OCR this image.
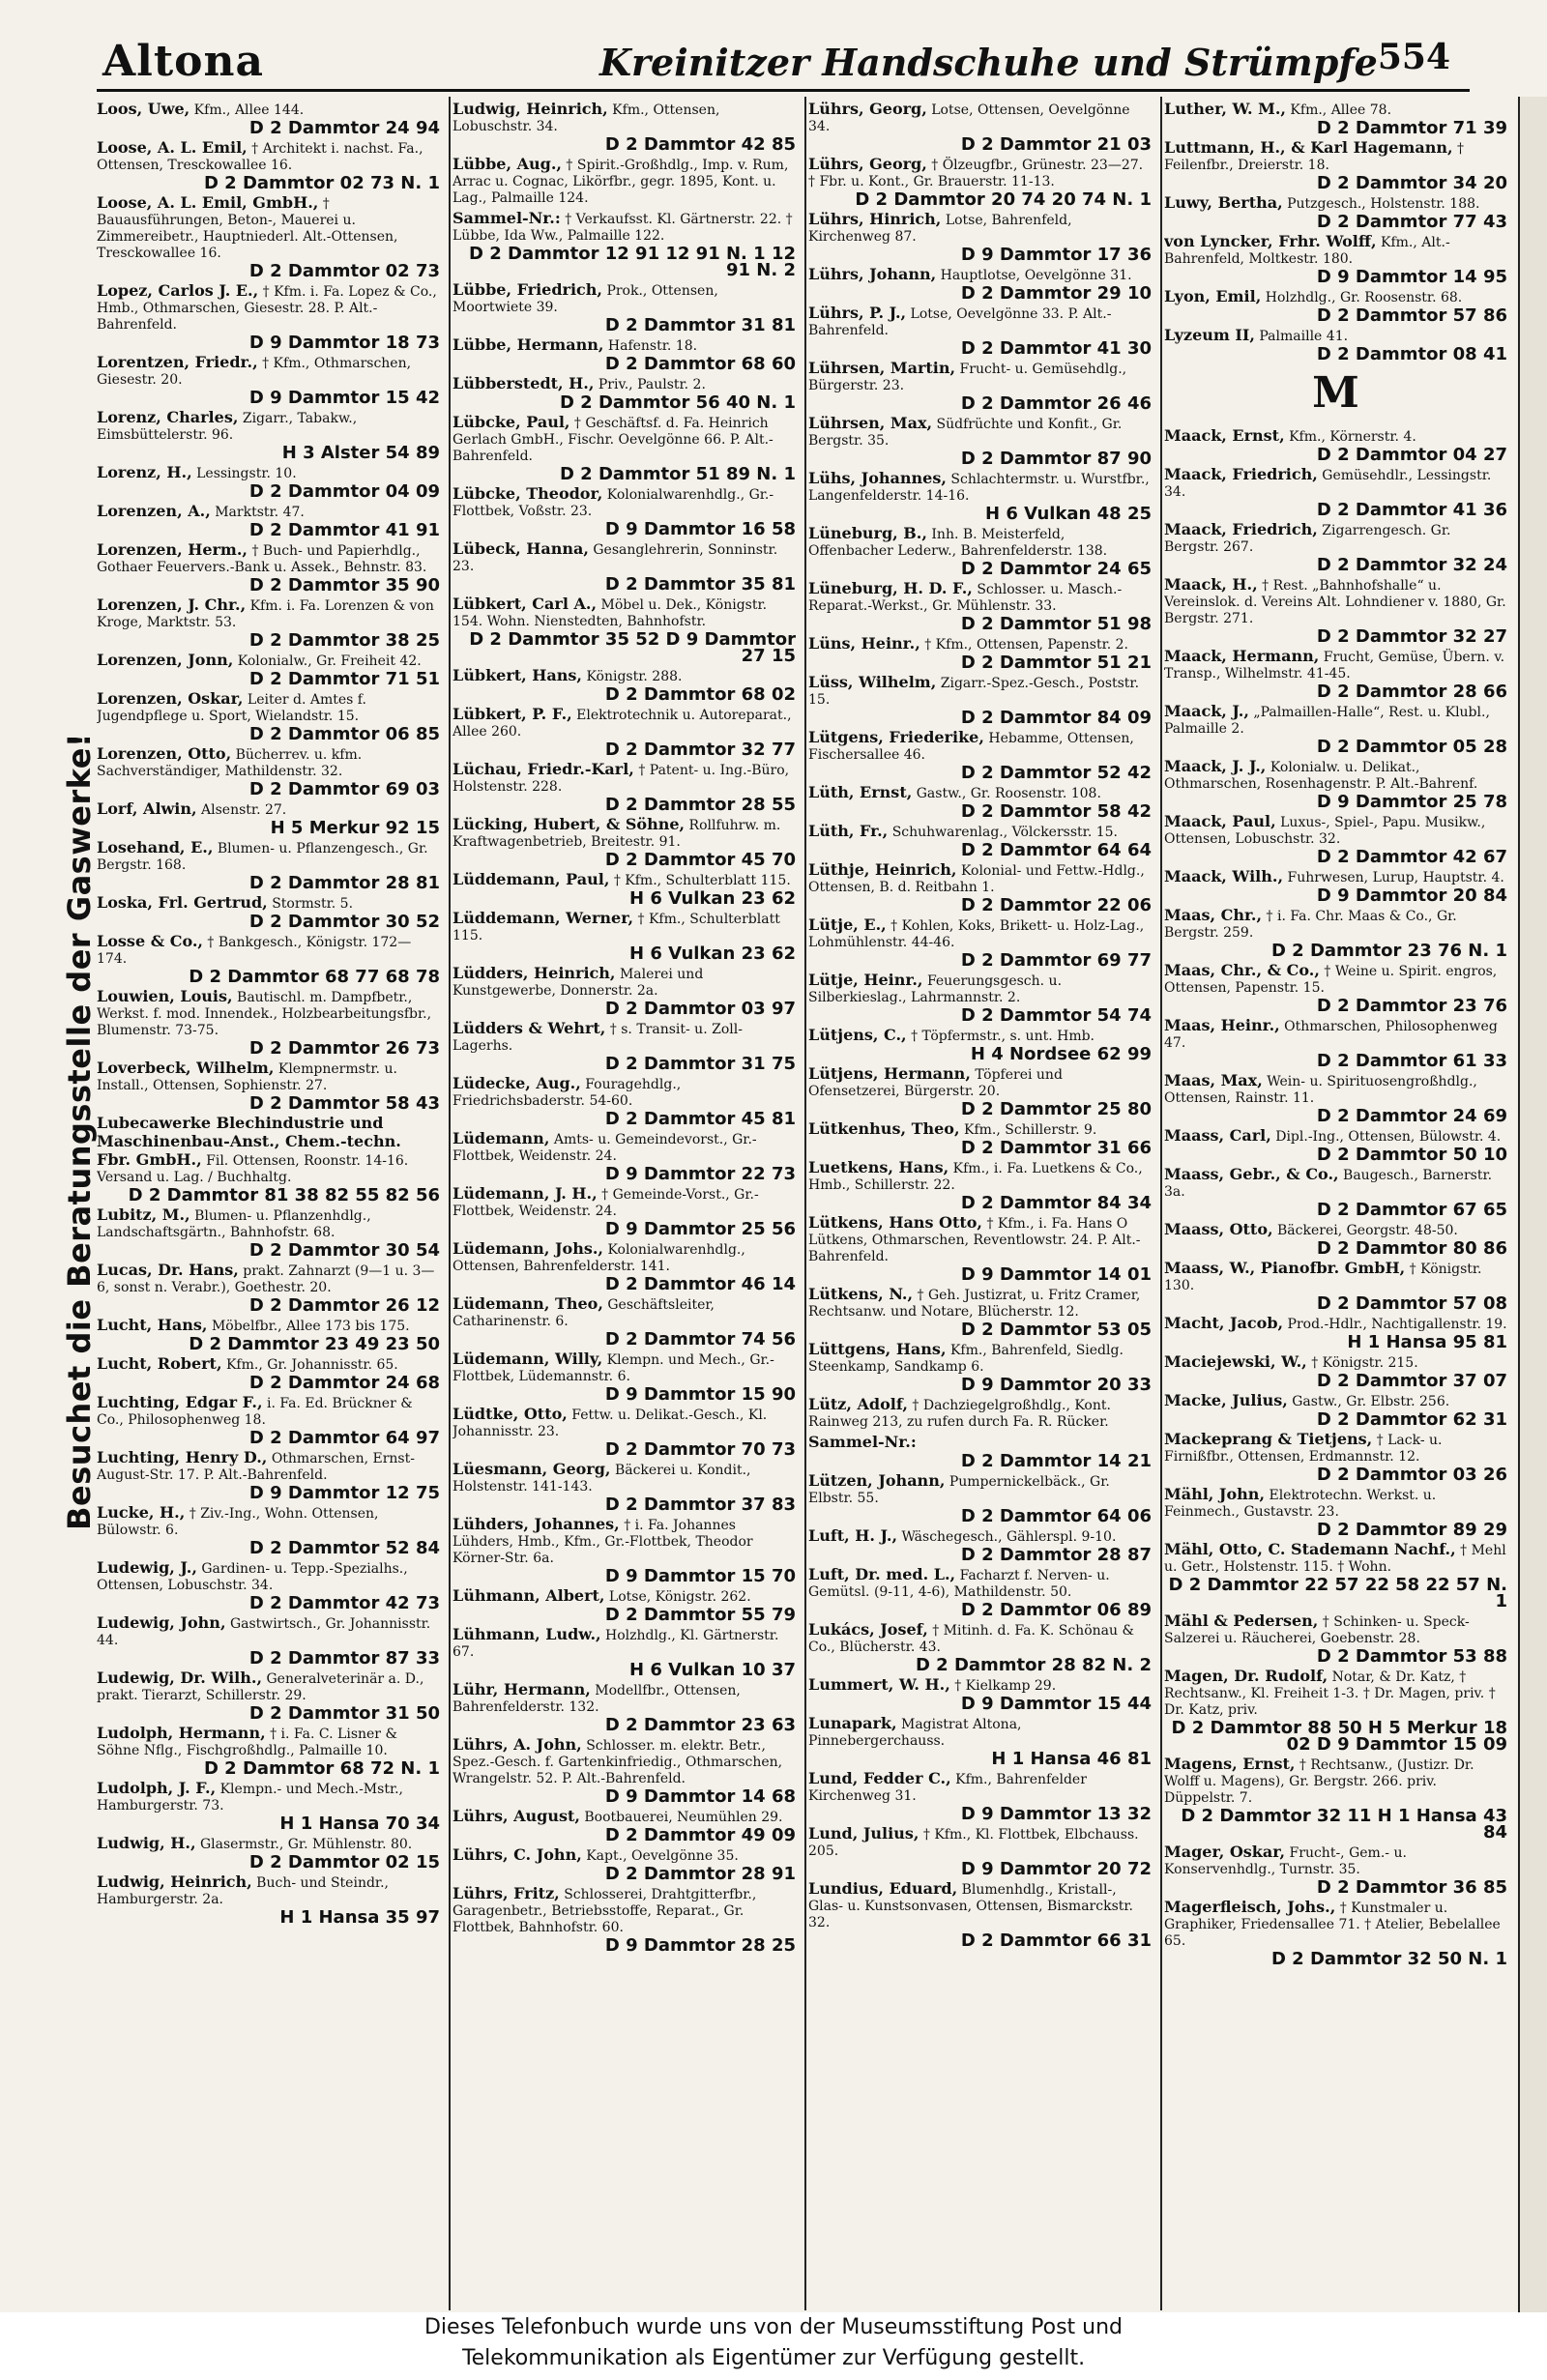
Altona	Kreinitzer Handschuhe und Strümpfe 554
Besuchet die Beratungsstelle der Gaswerke!
Loos, Uwe, Kfm., Allee 144.
D 2 Dammtor 24 94
Loose, A. L. Emil, † Architekt i. nachst. Fa., Ottensen, Tresckowallee 16.
D 2 Dammtor 02 73 N. 1
Loose, A. L. Emil, GmbH., † Bauausführungen, Beton-, Mauerei u. Zimmereibetr., Hauptniederl. Alt.-Ottensen, Tresckowallee 16.
D 2 Dammtor 02 73
Lopez, Carlos J. E., † Kfm. i. Fa. Lopez & Co., Hmb., Othmarschen, Giesestr. 28. P. Alt.-Bahrenfeld.
D 9 Dammtor 18 73
Lorentzen, Friedr., † Kfm., Othmarschen, Giesestr. 20.
D 9 Dammtor 15 42
Lorenz, Charles, Zigarr., Tabakw., Eimsbüttelerstr. 96.
H 3 Alster 54 89
Lorenz, H., Lessingstr. 10.
D 2 Dammtor 04 09
Lorenzen, A., Marktstr. 47.
D 2 Dammtor 41 91
Lorenzen, Herm., † Buch- und Papierhdlg., Gothaer Feuervers.-Bank u. Assek., Behnstr. 83.
D 2 Dammtor 35 90
Lorenzen, J. Chr., Kfm. i. Fa. Lorenzen & von Kroge, Marktstr. 53.
D 2 Dammtor 38 25
Lorenzen, Jonn, Kolonialw., Gr. Freiheit 42.
D 2 Dammtor 71 51
Lorenzen, Oskar, Leiter d. Amtes f. Jugendpflege u. Sport, Wielandstr. 15.
D 2 Dammtor 06 85
Lorenzen, Otto, Bücherrev. u. kfm. Sachverständiger, Mathildenstr. 32.
D 2 Dammtor 69 03
Lorf, Alwin, Alsenstr. 27.
H 5 Merkur 92 15
Losehand, E., Blumen- u. Pflanzengesch., Gr. Bergstr. 168.
D 2 Dammtor 28 81
Loska, Frl. Gertrud, Stormstr. 5.
D 2 Dammtor 30 52
Losse & Co., † Bankgesch., Königstr. 172—174.
D 2 Dammtor 68 77 68 78
Louwien, Louis, Bautischl. m. Dampfbetr., Werkst. f. mod. Innendek., Holzbearbeitungsfbr., Blumenstr. 73-75.
D 2 Dammtor 26 73
Loverbeck, Wilhelm, Klempnermstr. u. Install., Ottensen, Sophienstr. 27.
D 2 Dammtor 58 43
Lubecawerke Blechindustrie und Maschinenbau-Anst., Chem.-techn. Fbr. GmbH., Fil. Ottensen, Roonstr. 14-16. Versand u. Lag. / Buchhaltg.
D 2 Dammtor 81 38 82 55 82 56
Lubitz, M., Blumen- u. Pflanzenhdlg., Landschaftsgärtn., Bahnhofstr. 68.
D 2 Dammtor 30 54
Lucas, Dr. Hans, prakt. Zahnarzt (9—1 u. 3—6, sonst n. Verabr.), Goethestr. 20.
D 2 Dammtor 26 12
Lucht, Hans, Möbelfbr., Allee 173 bis 175.
D 2 Dammtor 23 49 23 50
Lucht, Robert, Kfm., Gr. Johannisstr. 65.
D 2 Dammtor 24 68
Luchting, Edgar F., i. Fa. Ed. Brückner & Co., Philosophenweg 18.
D 2 Dammtor 64 97
Luchting, Henry D., Othmarschen, Ernst-August-Str. 17. P. Alt.-Bahrenfeld.
D 9 Dammtor 12 75
Lucke, H., † Ziv.-Ing., Wohn. Ottensen, Bülowstr. 6.
D 2 Dammtor 52 84
Ludewig, J., Gardinen- u. Tepp.-Spezialhs., Ottensen, Lobuschstr. 34.
D 2 Dammtor 42 73
Ludewig, John, Gastwirtsch., Gr. Johannisstr. 44.
D 2 Dammtor 87 33
Ludewig, Dr. Wilh., Generalveterinär a. D., prakt. Tierarzt, Schillerstr. 29.
D 2 Dammtor 31 50
Ludolph, Hermann, † i. Fa. C. Lisner & Söhne Nflg., Fischgroßhdlg., Palmaille 10.
D 2 Dammtor 68 72 N. 1
Ludolph, J. F., Klempn.- und Mech.-Mstr., Hamburgerstr. 73.
H 1 Hansa 70 34
Ludwig, H., Glasermstr., Gr. Mühlenstr. 80.
D 2 Dammtor 02 15
Ludwig, Heinrich, Buch- und Steindr., Hamburgerstr. 2a.
H 1 Hansa 35 97
Ludwig, Heinrich, Kfm., Ottensen, Lobuschstr. 34.
D 2 Dammtor 42 85
Lübbe, Aug., † Spirit.-Großhdlg., Imp. v. Rum, Arrac u. Cognac, Likörfbr., gegr. 1895, Kont. u. Lag., Palmaille 124.
Sammel-Nr.: † Verkaufsst. Kl. Gärtnerstr. 22. † Lübbe, Ida Ww., Palmaille 122.
D 2 Dammtor 12 91 12 91 N. 1 12 91 N. 2
Lübbe, Friedrich, Prok., Ottensen, Moortwiete 39.
D 2 Dammtor 31 81
Lübbe, Hermann, Hafenstr. 18.
D 2 Dammtor 68 60
Lübberstedt, H., Priv., Paulstr. 2.
D 2 Dammtor 56 40 N. 1
Lübcke, Paul, † Geschäftsf. d. Fa. Heinrich Gerlach GmbH., Fischr. Oevelgönne 66. P. Alt.-Bahrenfeld.
D 2 Dammtor 51 89 N. 1
Lübcke, Theodor, Kolonialwarenhdlg., Gr.-Flottbek, Voßstr. 23.
D 9 Dammtor 16 58
Lübeck, Hanna, Gesanglehrerin, Sonninstr. 23.
D 2 Dammtor 35 81
Lübkert, Carl A., Möbel u. Dek., Königstr. 154. Wohn. Nienstedten, Bahnhofstr.
D 2 Dammtor 35 52 D 9 Dammtor 27 15
Lübkert, Hans, Königstr. 288.
D 2 Dammtor 68 02
Lübkert, P. F., Elektrotechnik u. Autoreparat., Allee 260.
D 2 Dammtor 32 77
Lüchau, Friedr.-Karl, † Patent- u. Ing.-Büro, Holstenstr. 228.
D 2 Dammtor 28 55
Lücking, Hubert, & Söhne, Rollfuhrw. m. Kraftwagenbetrieb, Breitestr. 91.
D 2 Dammtor 45 70
Lüddemann, Paul, † Kfm., Schulterblatt 115.
H 6 Vulkan 23 62
Lüddemann, Werner, † Kfm., Schulterblatt 115.
H 6 Vulkan 23 62
Lüdders, Heinrich, Malerei und Kunstgewerbe, Donnerstr. 2a.
D 2 Dammtor 03 97
Lüdders & Wehrt, † s. Transit- u. Zoll-Lagerhs.
D 2 Dammtor 31 75
Lüdecke, Aug., Fouragehdlg., Friedrichsbaderstr. 54-60.
D 2 Dammtor 45 81
Lüdemann, Amts- u. Gemeindevorst., Gr.-Flottbek, Weidenstr. 24.
D 9 Dammtor 22 73
Lüdemann, J. H., † Gemeinde-Vorst., Gr.-Flottbek, Weidenstr. 24.
D 9 Dammtor 25 56
Lüdemann, Johs., Kolonialwarenhdlg., Ottensen, Bahrenfelderstr. 141.
D 2 Dammtor 46 14
Lüdemann, Theo, Geschäftsleiter, Catharinenstr. 6.
D 2 Dammtor 74 56
Lüdemann, Willy, Klempn. und Mech., Gr.-Flottbek, Lüdemannstr. 6.
D 9 Dammtor 15 90
Lüdtke, Otto, Fettw. u. Delikat.-Gesch., Kl. Johannisstr. 23.
D 2 Dammtor 70 73
Lüesmann, Georg, Bäckerei u. Kondit., Holstenstr. 141-143.
D 2 Dammtor 37 83
Lühders, Johannes, † i. Fa. Johannes Lühders, Hmb., Kfm., Gr.-Flottbek, Theodor Körner-Str. 6a.
D 9 Dammtor 15 70
Lühmann, Albert, Lotse, Königstr. 262.
D 2 Dammtor 55 79
Lühmann, Ludw., Holzhdlg., Kl. Gärtnerstr. 67.
H 6 Vulkan 10 37
Lühr, Hermann, Modellfbr., Ottensen, Bahrenfelderstr. 132.
D 2 Dammtor 23 63
Lührs, A. John, Schlosser. m. elektr. Betr., Spez.-Gesch. f. Gartenkinfriedig., Othmarschen, Wrangelstr. 52. P. Alt.-Bahrenfeld.
D 9 Dammtor 14 68
Lührs, August, Bootbauerei, Neumühlen 29.
D 2 Dammtor 49 09
Lührs, C. John, Kapt., Oevelgönne 35.
D 2 Dammtor 28 91
Lührs, Fritz, Schlosserei, Drahtgitterfbr., Garagenbetr., Betriebsstoffe, Reparat., Gr. Flottbek, Bahnhofstr. 60.
D 9 Dammtor 28 25
Lührs, Georg, Lotse, Ottensen, Oevelgönne 34.
D 2 Dammtor 21 03
Lührs, Georg, † Ölzeugfbr., Grünestr. 23—27. † Fbr. u. Kont., Gr. Brauerstr. 11-13.
D 2 Dammtor 20 74 20 74 N. 1
Lührs, Hinrich, Lotse, Bahrenfeld, Kirchenweg 87.
D 9 Dammtor 17 36
Lührs, Johann, Hauptlotse, Oevelgönne 31.
D 2 Dammtor 29 10
Lührs, P. J., Lotse, Oevelgönne 33. P. Alt.-Bahrenfeld.
D 2 Dammtor 41 30
Lührsen, Martin, Frucht- u. Gemüsehdlg., Bürgerstr. 23.
D 2 Dammtor 26 46
Lührsen, Max, Südfrüchte und Konfit., Gr. Bergstr. 35.
D 2 Dammtor 87 90
Lühs, Johannes, Schlachtermstr. u. Wurstfbr., Langenfelderstr. 14-16.
H 6 Vulkan 48 25
Lüneburg, B., Inh. B. Meisterfeld, Offenbacher Lederw., Bahrenfelderstr. 138.
D 2 Dammtor 24 65
Lüneburg, H. D. F., Schlosser. u. Masch.-Reparat.-Werkst., Gr. Mühlenstr. 33.
D 2 Dammtor 51 98
Lüns, Heinr., † Kfm., Ottensen, Papenstr. 2.
D 2 Dammtor 51 21
Lüss, Wilhelm, Zigarr.-Spez.-Gesch., Poststr. 15.
D 2 Dammtor 84 09
Lütgens, Friederike, Hebamme, Ottensen, Fischersallee 46.
D 2 Dammtor 52 42
Lüth, Ernst, Gastw., Gr. Roosenstr. 108.
D 2 Dammtor 58 42
Lüth, Fr., Schuhwarenlag., Völckersstr. 15.
D 2 Dammtor 64 64
Lüthje, Heinrich, Kolonial- und Fettw.-Hdlg., Ottensen, B. d. Reitbahn 1.
D 2 Dammtor 22 06
Lütje, E., † Kohlen, Koks, Brikett- u. Holz-Lag., Lohmühlenstr. 44-46.
D 2 Dammtor 69 77
Lütje, Heinr., Feuerungsgesch. u. Silberkieslag., Lahrmannstr. 2.
D 2 Dammtor 54 74
Lütjens, C., † Töpfermstr., s. unt. Hmb.
H 4 Nordsee 62 99
Lütjens, Hermann, Töpferei und Ofensetzerei, Bürgerstr. 20.
D 2 Dammtor 25 80
Lütkenhus, Theo, Kfm., Schillerstr. 9.
D 2 Dammtor 31 66
Luetkens, Hans, Kfm., i. Fa. Luetkens & Co., Hmb., Schillerstr. 22.
D 2 Dammtor 84 34
Lütkens, Hans Otto, † Kfm., i. Fa. Hans O Lütkens, Othmarschen, Reventlowstr. 24. P. Alt.-Bahrenfeld.
D 9 Dammtor 14 01
Lütkens, N., † Geh. Justizrat, u. Fritz Cramer, Rechtsanw. und Notare, Blücherstr. 12.
D 2 Dammtor 53 05
Lüttgens, Hans, Kfm., Bahrenfeld, Siedlg. Steenkamp, Sandkamp 6.
D 9 Dammtor 20 33
Lütz, Adolf, † Dachziegelgroßhdlg., Kont. Rainweg 213, zu rufen durch Fa. R. Rücker.
Sammel-Nr.:
D 2 Dammtor 14 21
Lützen, Johann, Pumpernickelbäck., Gr. Elbstr. 55.
D 2 Dammtor 64 06
Luft, H. J., Wäschegesch., Gählerspl. 9-10.
D 2 Dammtor 28 87
Luft, Dr. med. L., Facharzt f. Nerven- u. Gemütsl. (9-11, 4-6), Mathildenstr. 50.
D 2 Dammtor 06 89
Lukács, Josef, † Mitinh. d. Fa. K. Schönau & Co., Blücherstr. 43.
D 2 Dammtor 28 82 N. 2
Lummert, W. H., † Kielkamp 29.
D 9 Dammtor 15 44
Lunapark, Magistrat Altona, Pinnebergerchauss.
H 1 Hansa 46 81
Lund, Fedder C., Kfm., Bahrenfelder Kirchenweg 31.
D 9 Dammtor 13 32
Lund, Julius, † Kfm., Kl. Flottbek, Elbchauss. 205.
D 9 Dammtor 20 72
Lundius, Eduard, Blumenhdlg., Kristall-, Glas- u. Kunstsonvasen, Ottensen, Bismarckstr. 32.
D 2 Dammtor 66 31
Luther, W. M., Kfm., Allee 78.
D 2 Dammtor 71 39
Luttmann, H., & Karl Hagemann, † Feilenfbr., Dreierstr. 18.
D 2 Dammtor 34 20
Luwy, Bertha, Putzgesch., Holstenstr. 188.
D 2 Dammtor 77 43
von Lyncker, Frhr. Wolff, Kfm., Alt.-Bahrenfeld, Moltkestr. 180.
D 9 Dammtor 14 95
Lyon, Emil, Holzhdlg., Gr. Roosenstr. 68.
D 2 Dammtor 57 86
Lyzeum II, Palmaille 41.
D 2 Dammtor 08 41
M
Maack, Ernst, Kfm., Körnerstr. 4.
D 2 Dammtor 04 27
Maack, Friedrich, Gemüsehdlr., Lessingstr. 34.
D 2 Dammtor 41 36
Maack, Friedrich, Zigarrengesch. Gr. Bergstr. 267.
D 2 Dammtor 32 24
Maack, H., † Rest. „Bahnhofshalle“ u. Vereinslok. d. Vereins Alt. Lohndiener v. 1880, Gr. Bergstr. 271.
D 2 Dammtor 32 27
Maack, Hermann, Frucht, Gemüse, Übern. v. Transp., Wilhelmstr. 41-45.
D 2 Dammtor 28 66
Maack, J., „Palmaillen-Halle“, Rest. u. Klubl., Palmaille 2.
D 2 Dammtor 05 28
Maack, J. J., Kolonialw. u. Delikat., Othmarschen, Rosenhagenstr. P. Alt.-Bahrenf.
D 9 Dammtor 25 78
Maack, Paul, Luxus-, Spiel-, Papu. Musikw., Ottensen, Lobuschstr. 32.
D 2 Dammtor 42 67
Maack, Wilh., Fuhrwesen, Lurup, Hauptstr. 4.
D 9 Dammtor 20 84
Maas, Chr., † i. Fa. Chr. Maas & Co., Gr. Bergstr. 259.
D 2 Dammtor 23 76 N. 1
Maas, Chr., & Co., † Weine u. Spirit. engros, Ottensen, Papenstr. 15.
D 2 Dammtor 23 76
Maas, Heinr., Othmarschen, Philosophenweg 47.
D 2 Dammtor 61 33
Maas, Max, Wein- u. Spirituosengroßhdlg., Ottensen, Rainstr. 11.
D 2 Dammtor 24 69
Maass, Carl, Dipl.-Ing., Ottensen, Bülowstr. 4.
D 2 Dammtor 50 10
Maass, Gebr., & Co., Baugesch., Barnerstr. 3a.
D 2 Dammtor 67 65
Maass, Otto, Bäckerei, Georgstr. 48-50.
D 2 Dammtor 80 86
Maass, W., Pianofbr. GmbH, † Königstr. 130.
D 2 Dammtor 57 08
Macht, Jacob, Prod.-Hdlr., Nachtigallenstr. 19.
H 1 Hansa 95 81
Maciejewski, W., † Königstr. 215.
D 2 Dammtor 37 07
Macke, Julius, Gastw., Gr. Elbstr. 256.
D 2 Dammtor 62 31
Mackeprang & Tietjens, † Lack- u. Firnißfbr., Ottensen, Erdmannstr. 12.
D 2 Dammtor 03 26
Mähl, John, Elektrotechn. Werkst. u. Feinmech., Gustavstr. 23.
D 2 Dammtor 89 29
Mähl, Otto, C. Stademann Nachf., † Mehl u. Getr., Holstenstr. 115. † Wohn.
D 2 Dammtor 22 57 22 58 22 57 N. 1
Mähl & Pedersen, † Schinken- u. Speck-Salzerei u. Räucherei, Goebenstr. 28.
D 2 Dammtor 53 88
Magen, Dr. Rudolf, Notar, & Dr. Katz, † Rechtsanw., Kl. Freiheit 1-3. † Dr. Magen, priv. † Dr. Katz, priv.
D 2 Dammtor 88 50 H 5 Merkur 18 02 D 9 Dammtor 15 09
Magens, Ernst, † Rechtsanw., (Justizr. Dr. Wolff u. Magens), Gr. Bergstr. 266. priv. Düppelstr. 7.
D 2 Dammtor 32 11 H 1 Hansa 43 84
Mager, Oskar, Frucht-, Gem.- u. Konservenhdlg., Turnstr. 35.
D 2 Dammtor 36 85
Magerfleisch, Johs., † Kunstmaler u. Graphiker, Friedensallee 71. † Atelier, Bebelallee 65.
D 2 Dammtor 32 50 N. 1

Dieses Telefonbuch wurde uns von der Museumsstiftung Post und

Telekommunikation als Eigentümer zur Verfügung gestellt.
